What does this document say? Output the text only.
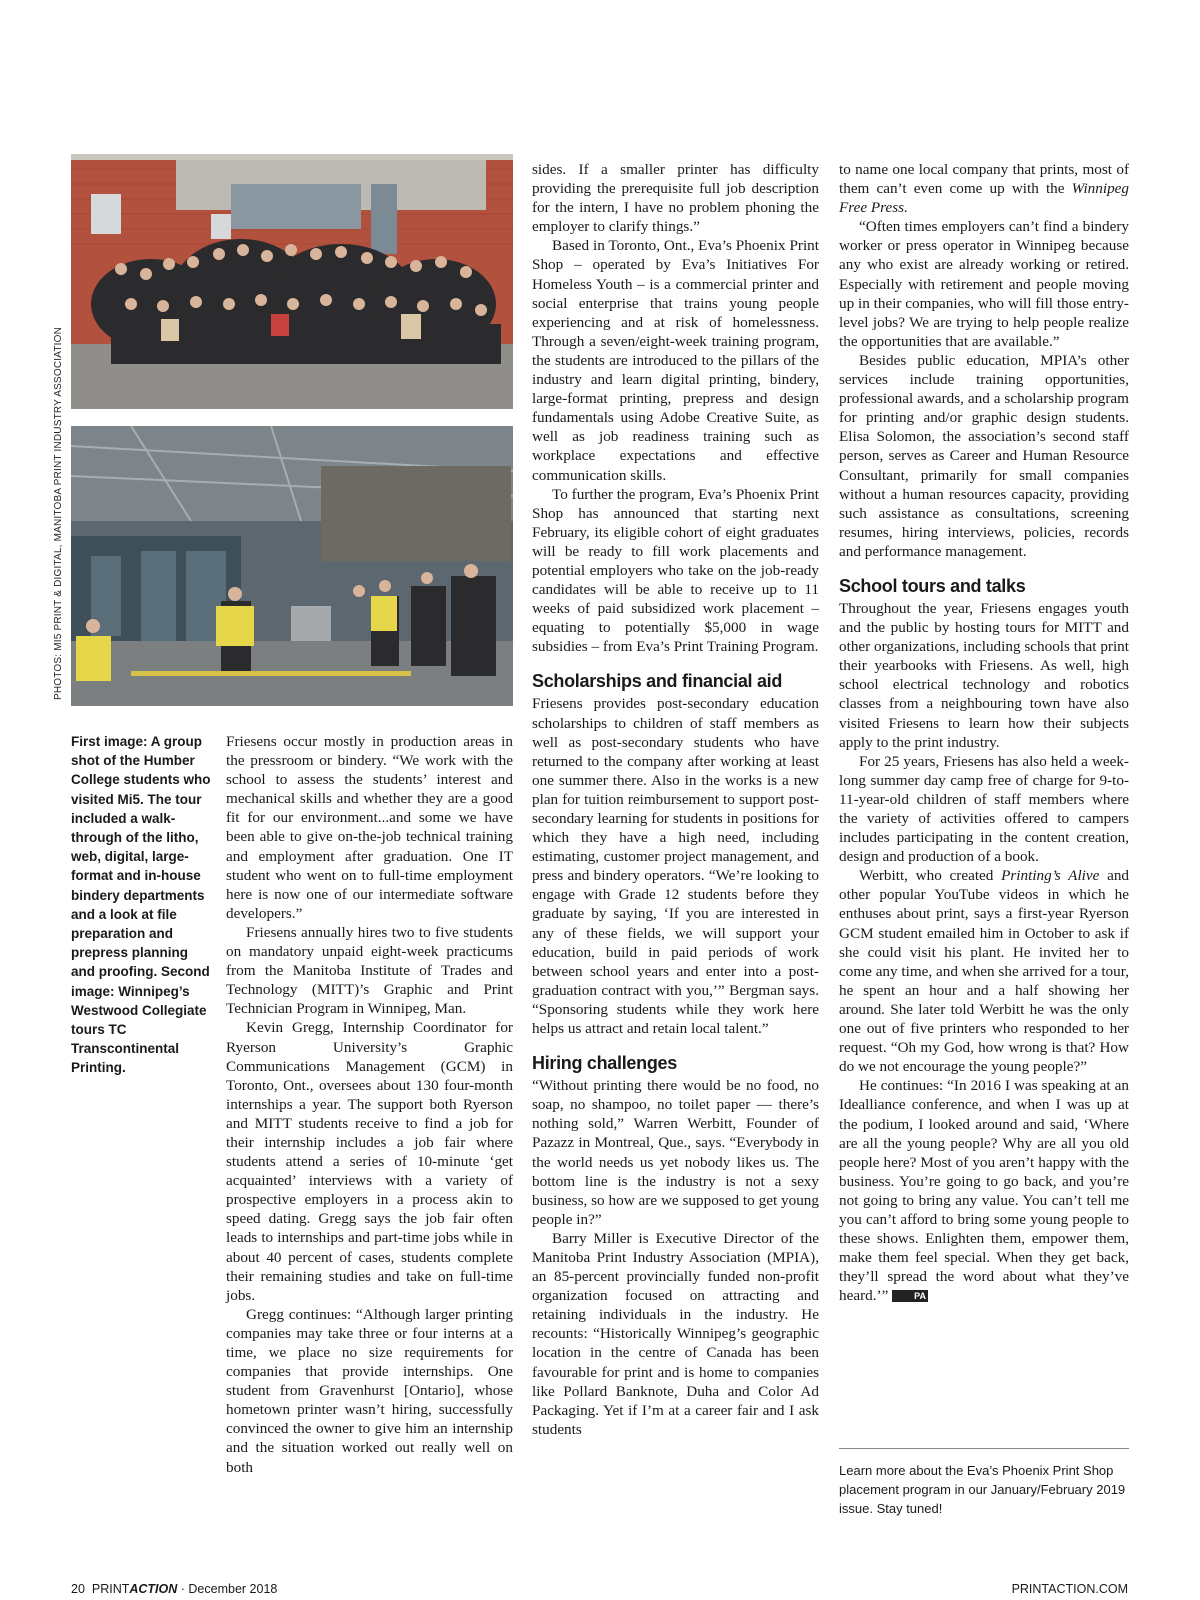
PHOTOS: MI5 PRINT & DIGITAL, MANITOBA PRINT INDUSTRY ASSOCIATION
First image: A group shot of the Humber College students who visited Mi5. The tour included a walk-through of the litho, web, digital, large-format and in-house bindery departments and a look at file preparation and prepress planning and proofing. Second image: Winnipeg’s Westwood Collegiate tours TC Transcontinental Printing.

Friesens occur mostly in production areas in the pressroom or bindery. “We work with the school to assess the students’ interest and mechanical skills and whether they are a good fit for our environment...and some we have been able to give on-the-job technical training and employment after graduation. One IT student who went on to full-time employment here is now one of our intermediate software developers.”

Friesens annually hires two to five students on mandatory unpaid eight-week practicums from the Manitoba Institute of Trades and Technology (MITT)’s Graphic and Print Technician Program in Winnipeg, Man.

Kevin Gregg, Internship Coordinator for Ryerson University’s Graphic Communications Management (GCM) in Toronto, Ont., oversees about 130 four-month internships a year. The support both Ryerson and MITT students receive to find a job for their internship includes a job fair where students attend a series of 10-minute ‘get acquainted’ interviews with a variety of prospective employers in a process akin to speed dating. Gregg says the job fair often leads to internships and part-time jobs while in about 40 percent of cases, students complete their remaining studies and take on full-time jobs.

Gregg continues: “Although larger printing companies may take three or four interns at a time, we place no size requirements for companies that provide internships. One student from Gravenhurst [Ontario], whose hometown printer wasn’t hiring, successfully convinced the owner to give him an internship and the situation worked out really well on both

sides. If a smaller printer has difficulty providing the prerequisite full job description for the intern, I have no problem phoning the employer to clarify things.”

Based in Toronto, Ont., Eva’s Phoenix Print Shop – operated by Eva’s Initiatives For Homeless Youth – is a commercial printer and social enterprise that trains young people experiencing and at risk of homelessness. Through a seven/eight-week training program, the students are introduced to the pillars of the industry and learn digital printing, bindery, large-format printing, prepress and design fundamentals using Adobe Creative Suite, as well as job readiness training such as workplace expectations and effective communication skills.

To further the program, Eva’s Phoenix Print Shop has announced that starting next February, its eligible cohort of eight graduates will be ready to fill work placements and potential employers who take on the job-ready candidates will be able to receive up to 11 weeks of paid subsidized work placement – equating to potentially $5,000 in wage subsidies – from Eva’s Print Training Program.

Scholarships and financial aid

Friesens provides post-secondary education scholarships to children of staff members as well as post-secondary students who have returned to the company after working at least one summer there. Also in the works is a new plan for tuition reimbursement to support post-secondary learning for students in positions for which they have a high need, including estimating, customer project management, and press and bindery operators. “We’re looking to engage with Grade 12 students before they graduate by saying, ‘If you are interested in any of these fields, we will support your education, build in paid periods of work between school years and enter into a post-graduation contract with you,’” Bergman says. “Sponsoring students while they work here helps us attract and retain local talent.”

Hiring challenges

“Without printing there would be no food, no soap, no shampoo, no toilet paper — there’s nothing sold,” Warren Werbitt, Founder of Pazazz in Montreal, Que., says. “Everybody in the world needs us yet nobody likes us. The bottom line is the industry is not a sexy business, so how are we supposed to get young people in?”

Barry Miller is Executive Director of the Manitoba Print Industry Association (MPIA), an 85-percent provincially funded non-profit organization focused on attracting and retaining individuals in the industry. He recounts: “Historically Winnipeg’s geographic location in the centre of Canada has been favourable for print and is home to companies like Pollard Banknote, Duha and Color Ad Packaging. Yet if I’m at a career fair and I ask students

to name one local company that prints, most of them can’t even come up with the Winnipeg Free Press.

“Often times employers can’t find a bindery worker or press operator in Winnipeg because any who exist are already working or retired. Especially with retirement and people moving up in their companies, who will fill those entry-level jobs? We are trying to help people realize the opportunities that are available.”

Besides public education, MPIA’s other services include training opportunities, professional awards, and a scholarship program for printing and/or graphic design students. Elisa Solomon, the association’s second staff person, serves as Career and Human Resource Consultant, primarily for small companies without a human resources capacity, providing such assistance as consultations, screening resumes, hiring interviews, policies, records and performance management.

School tours and talks

Throughout the year, Friesens engages youth and the public by hosting tours for MITT and other organizations, including schools that print their yearbooks with Friesens. As well, high school electrical technology and robotics classes from a neighbouring town have also visited Friesens to learn how their subjects apply to the print industry.

For 25 years, Friesens has also held a week-long summer day camp free of charge for 9-to-11-year-old children of staff members where the variety of activities offered to campers includes participating in the content creation, design and production of a book.

Werbitt, who created Printing’s Alive and other popular YouTube videos in which he enthuses about print, says a first-year Ryerson GCM student emailed him in October to ask if she could visit his plant. He invited her to come any time, and when she arrived for a tour, he spent an hour and a half showing her around. She later told Werbitt he was the only one out of five printers who responded to her request. “Oh my God, how wrong is that? How do we not encourage the young people?”

He continues: “In 2016 I was speaking at an Idealliance conference, and when I was up at the podium, I looked around and said, ‘Where are all the young people? Why are all you old people here? Most of you aren’t happy with the business. You’re going to go back, and you’re not going to bring any value. You can’t tell me you can’t afford to bring some young people to these shows. Enlighten them, empower them, make them feel special. When they get back, they’ll spread the word about what they’ve heard.’”	PA

Learn more about the Eva’s Phoenix Print Shop placement program in our January/February 2019 issue. Stay tuned!
20 PRINTACTION · December 2018	PRINTACTION.COM
